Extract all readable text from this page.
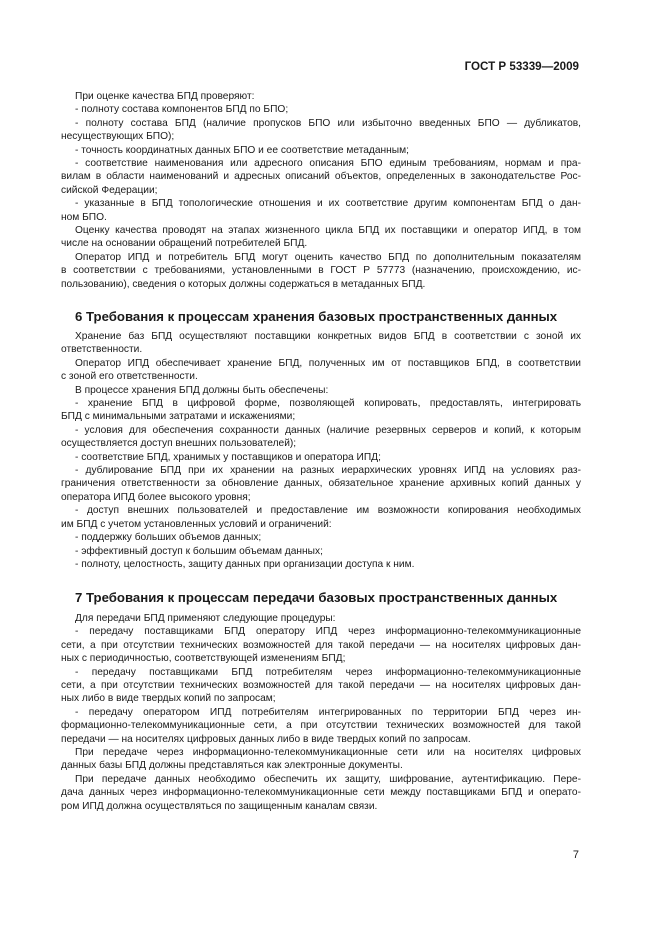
ГОСТ Р 53339—2009
При оценке качества БПД проверяют:
- полноту состава компонентов БПД по БПО;
- полноту состава БПД (наличие пропусков БПО или избыточно введенных БПО — дубликатов,
несуществующих БПО);
- точность координатных данных БПО и ее соответствие метаданным;
- соответствие наименования или адресного описания БПО единым требованиям, нормам и пра-
вилам в области наименований и адресных описаний объектов, определенных в законодательстве Рос-
сийской Федерации;
- указанные в БПД топологические отношения и их соответствие другим компонентам БПД о дан-
ном БПО.
Оценку качества проводят на этапах жизненного цикла БПД их поставщики и оператор ИПД, в том
числе на основании обращений потребителей БПД.
Оператор ИПД и потребитель БПД могут оценить качество БПД по дополнительным показателям
в соответствии с требованиями, установленными в ГОСТ Р 57773 (назначению, происхождению, ис-
пользованию), сведения о которых должны содержаться в метаданных БПД.
6 Требования к процессам хранения базовых пространственных данных
Хранение баз БПД осуществляют поставщики конкретных видов БПД в соответствии с зоной их
ответственности.
Оператор ИПД обеспечивает хранение БПД, полученных им от поставщиков БПД, в соответствии
с зоной его ответственности.
В процессе хранения БПД должны быть обеспечены:
- хранение БПД в цифровой форме, позволяющей копировать, предоставлять, интегрировать
БПД с минимальными затратами и искажениями;
- условия для обеспечения сохранности данных (наличие резервных серверов и копий, к которым
осуществляется доступ внешних пользователей);
- соответствие БПД, хранимых у поставщиков и оператора ИПД;
- дублирование БПД при их хранении на разных иерархических уровнях ИПД на условиях раз-
граничения ответственности за обновление данных, обязательное хранение архивных копий данных у
оператора ИПД более высокого уровня;
- доступ внешних пользователей и предоставление им возможности копирования необходимых
им БПД с учетом установленных условий и ограничений:
- поддержку больших объемов данных;
- эффективный доступ к большим объемам данных;
- полноту, целостность, защиту данных при организации доступа к ним.
7 Требования к процессам передачи базовых пространственных данных
Для передачи БПД применяют следующие процедуры:
- передачу поставщиками БПД оператору ИПД через информационно-телекоммуникационные
сети, а при отсутствии технических возможностей для такой передачи — на носителях цифровых дан-
ных с периодичностью, соответствующей изменениям БПД;
- передачу поставщиками БПД потребителям через информационно-телекоммуникационные
сети, а при отсутствии технических возможностей для такой передачи — на носителях цифровых дан-
ных либо в виде твердых копий по запросам;
- передачу оператором ИПД потребителям интегрированных по территории БПД через ин-
формационно-телекоммуникационные сети, а при отсутствии технических возможностей для такой
передачи — на носителях цифровых данных либо в виде твердых копий по запросам.
При передаче через информационно-телекоммуникационные сети или на носителях цифровых
данных базы БПД должны представляться как электронные документы.
При передаче данных необходимо обеспечить их защиту, шифрование, аутентификацию. Пере-
дача данных через информационно-телекоммуникационные сети между поставщиками БПД и операто-
ром ИПД должна осуществляться по защищенным каналам связи.
7
